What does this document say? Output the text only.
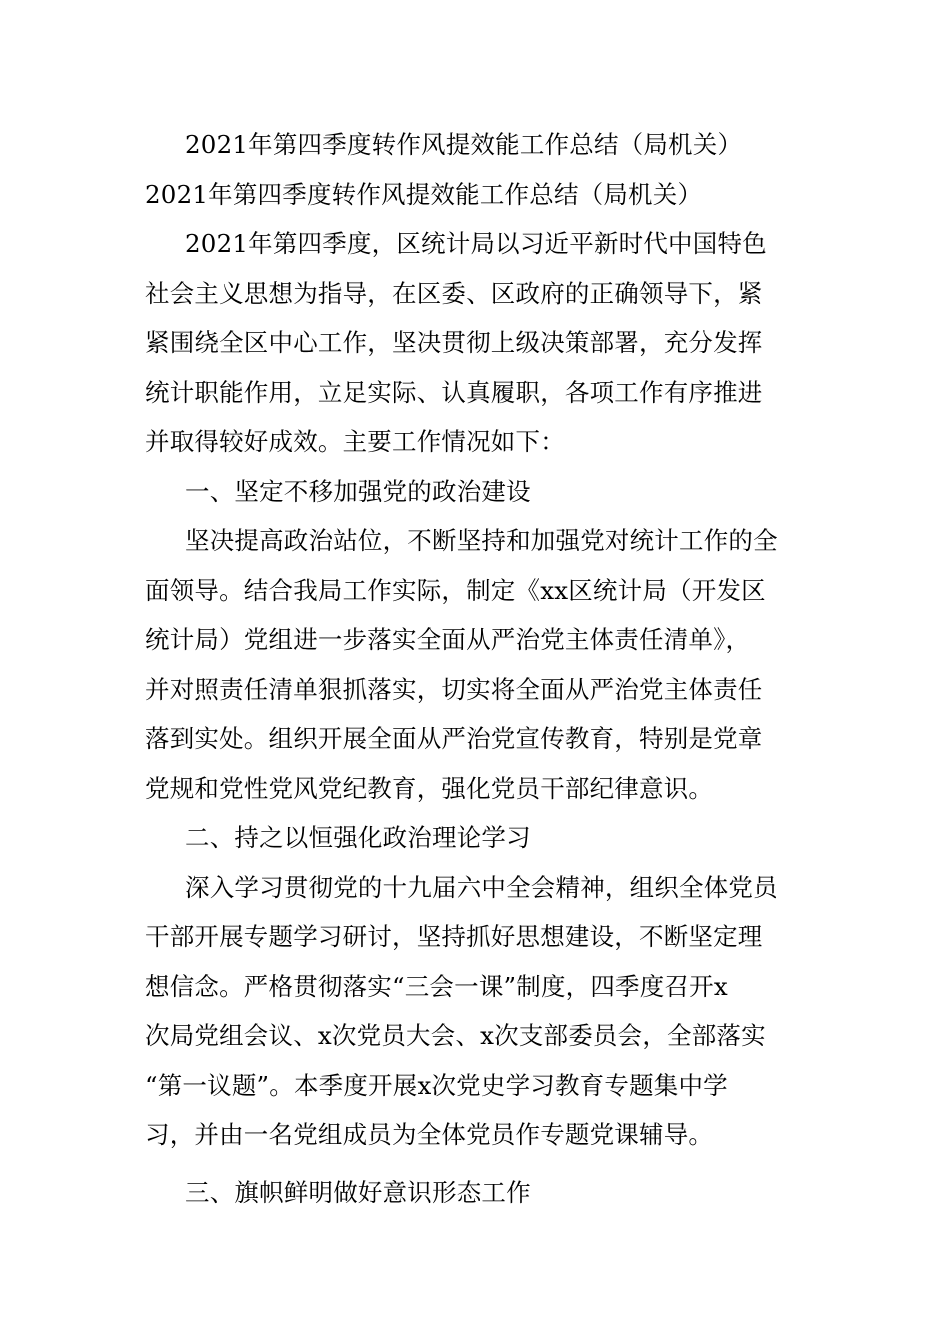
2021年第四季度转作风提效能工作总结（局机关）
2021年第四季度转作风提效能工作总结（局机关）
2021年第四季度，区统计局以习近平新时代中国特色
社会主义思想为指导，在区委、区政府的正确领导下，紧
紧围绕全区中心工作，坚决贯彻上级决策部署，充分发挥
统计职能作用，立足实际、认真履职，各项工作有序推进
并取得较好成效。主要工作情况如下：
一、坚定不移加强党的政治建设
坚决提高政治站位，不断坚持和加强党对统计工作的全
面领导。结合我局工作实际，制定《xx区统计局（开发区
统计局）党组进一步落实全面从严治党主体责任清单》，
并对照责任清单狠抓落实，切实将全面从严治党主体责任
落到实处。组织开展全面从严治党宣传教育，特别是党章
党规和党性党风党纪教育，强化党员干部纪律意识。
二、持之以恒强化政治理论学习
深入学习贯彻党的十九届六中全会精神，组织全体党员
干部开展专题学习研讨，坚持抓好思想建设，不断坚定理
想信念。严格贯彻落实“三会一课”制度，四季度召开x
次局党组会议、x次党员大会、x次支部委员会，全部落实
“第一议题”。本季度开展x次党史学习教育专题集中学
习，并由一名党组成员为全体党员作专题党课辅导。
三、旗帜鲜明做好意识形态工作
